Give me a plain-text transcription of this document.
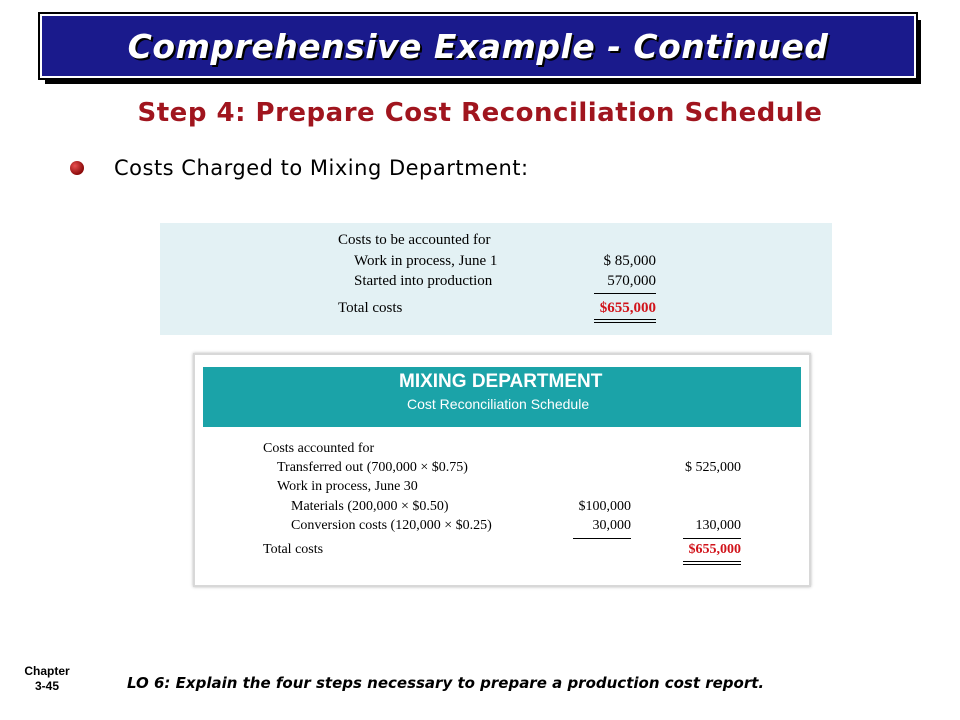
Comprehensive Example - Continued
Step 4: Prepare Cost Reconciliation Schedule
Costs Charged to Mixing Department:
Costs to be accounted for
Work in process, June 1	$ 85,000
Started into production	570,000
Total costs	$655,000
MIXING DEPARTMENT
Cost Reconciliation Schedule
Costs accounted for
Transferred out (700,000 × $0.75)	$ 525,000
Work in process, June 30
Materials (200,000 × $0.50)	$100,000
Conversion costs (120,000 × $0.25)	30,000	130,000
Total costs	$655,000
Chapter
3-45	LO 6: Explain the four steps necessary to prepare a production cost report.
